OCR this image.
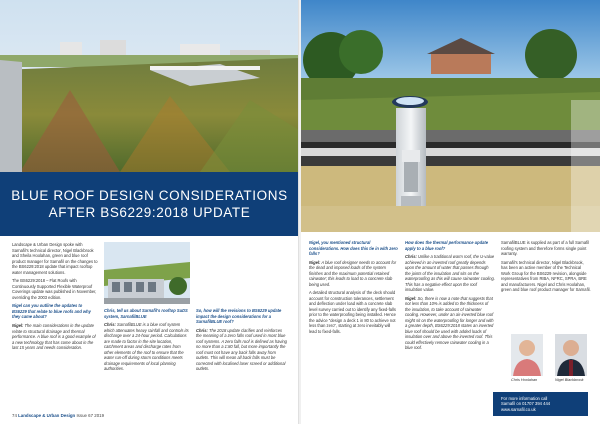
BLUE ROOF DESIGN CONSIDERATIONS
AFTER BS6229:2018 UPDATE

Landscape & Urban Design spoke with Sarnafil's technical director, Nigel Blackbrook and Sheila Hoolahan, green and blue roof product manager for Sarnafil on the changes to the BS6229:2018 update that impact rooftop water management solutions.

The BS6229:2018 – Flat Roofs with Continuously Supported Flexible Waterproof Coverings update was published in November, overriding the 2003 edition.

Nigel can you outline the updates to BS6229 that relate to blue roofs and why they came about?

Nigel: The main considerations in the update relate to structural drainage and thermal performance. A blue roof is a good example of a new technology that has come about in the last 15 years and needs consideration.

Chris, tell us about Sarnafil's rooftop SuDS system, SarnafilBLUE

Chris: SarnafilBLUE is a blue roof system which attenuates heavy rainfall and controls its discharge over a 24-hour period. Calculations are made to factor in the site location, catchment areas and discharge rates from other elements of the roof to ensure that the water run-off during storm conditions meets drainage requirements of local planning authorities.

So, how will the revisions to BS6229 update impact the design considerations for a SarnafilBLUE roof?

Chris: The 2018 update clarifies and reinforces the meaning of a zero falls roof used in most blue roof systems. A zero falls roof is defined as having no more than a 1:80 fall, but more importantly the roof must not have any back falls away from outlets. This will mean all back falls must be corrected with localised laser screed or additional outlets.

74 Landscape & Urban Design Issue 67 2019

Nigel, you mentioned structural considerations. How does this tie in with zero falls?

Nigel: A blue roof designer needs to account for the dead and imposed loads of the system finishes and the maximum potential retained rainwater; this leads to load to a concrete slab being used.

A detailed structural analysis of the deck should account for construction tolerances, settlement and deflection under load with a concrete slab level survey carried out to identify any fixed-falls prior to the waterproofing being installed. Hence the advice "design a deck 1 in 80 to achieve not less than zero", starting at zero inevitably will lead to fixed-falls.

How does the thermal performance update apply to a blue roof?

Chris: Unlike a traditional warm roof, the U-value achieved in an inverted roof greatly depends upon the amount of water that passes through the joints of the insulation and sits on the waterproofing as this will cause rainwater cooling. This has a negative effect upon the roof insulation value.

Nigel: So, there is now a note that suggests that not less than 10% is added to the thickness of the insulation, to take account of rainwater cooling. However, under an air-inverted blue roof might sit on the waterproofing for longer and with a greater depth, BS6229:2018 states an inverted blue roof should be used with added loads of insulation over and above the inverted roof. This could effectively remove rainwater cooling in a blue roof.

SarnafilBLUE is supplied as part of a full Sarnafil roofing system and therefore forms single point warranty.

Sarnafil's technical director, Nigel Blackbrook, has been an active member of the Technical Work Group for the BS6229 revision, alongside representatives from RIBA, NFRC, SPRA, BRE and manufacturers. Nigel and Chris Hoolahan, green and blue roof product manager for Sarnafil.

Chris Hoolahan	Nigel Blackbrook
For more information call
Sarnafil on 01707 394 444
www.sarnafil.co.uk
